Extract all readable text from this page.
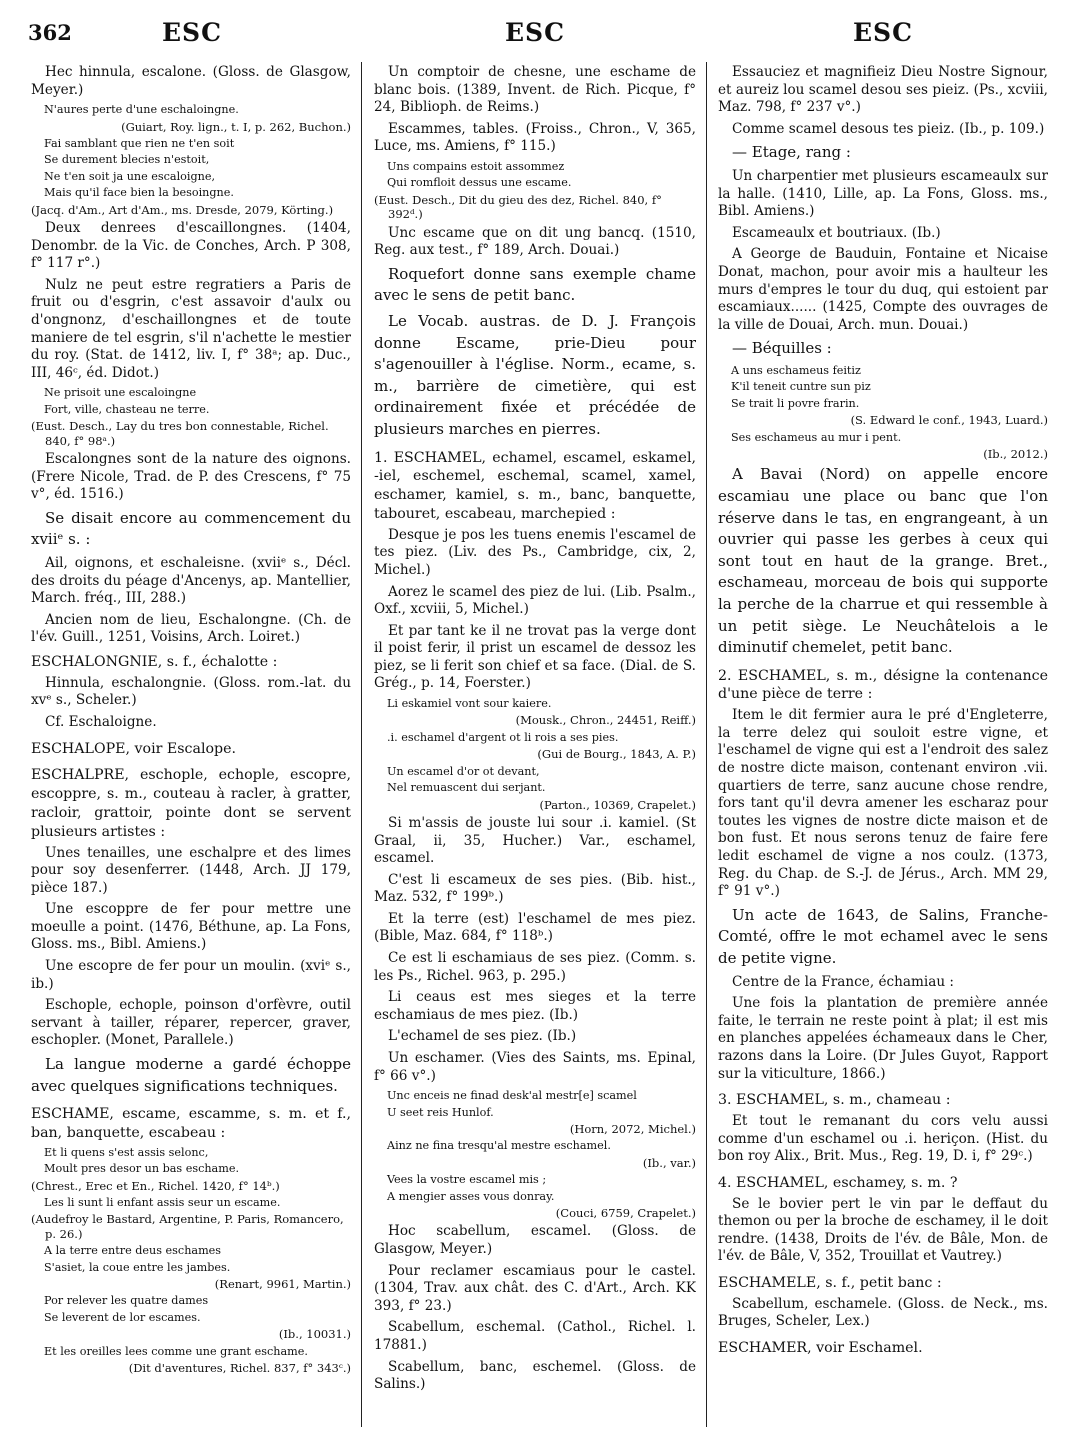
362	ESC	ESC	ESC

Hec hinnula, escalone. (Gloss. de Glasgow, Meyer.)

N'aures perte d'une eschaloingne.

(Guiart, Roy. lign., t. I, p. 262, Buchon.)

Fai samblant que rien ne t'en soit

Se durement blecies n'estoit,

Ne t'en soit ja une escaloigne,

Mais qu'il face bien la besoingne.

(Jacq. d'Am., Art d'Am., ms. Dresde, 2079, Körting.)

Deux denrees d'escaillongnes. (1404, Denombr. de la Vic. de Conches, Arch. P 308, f° 117 r°.)

Nulz ne peut estre regratiers a Paris de fruit ou d'esgrin, c'est assavoir d'aulx ou d'ongnonz, d'eschaillongnes et de toute maniere de tel esgrin, s'il n'achette le mestier du roy. (Stat. de 1412, liv. I, f° 38ᵃ; ap. Duc., III, 46ᶜ, éd. Didot.)

Ne prisoit une escaloingne

Fort, ville, chasteau ne terre.

(Eust. Desch., Lay du tres bon connestable, Richel. 840, f° 98ᵃ.)

Escalongnes sont de la nature des oignons. (Frere Nicole, Trad. de P. des Crescens, f° 75 v°, éd. 1516.)

Se disait encore au commencement du xviiᵉ s. :

Ail, oignons, et eschaleisne. (xviiᵉ s., Décl. des droits du péage d'Ancenys, ap. Mantellier, March. fréq., III, 288.)

Ancien nom de lieu, Eschalongne. (Ch. de l'év. Guill., 1251, Voisins, Arch. Loiret.)

ESCHALONGNIE, s. f., échalotte :

Hinnula, eschalongnie. (Gloss. rom.-lat. du xvᵉ s., Scheler.)

Cf. Eschaloigne.

ESCHALOPE, voir Escalope.

ESCHALPRE, eschople, echople, escopre, escoppre, s. m., couteau à racler, à gratter, racloir, grattoir, pointe dont se servent plusieurs artistes :

Unes tenailles, une eschalpre et des limes pour soy desenferrer. (1448, Arch. JJ 179, pièce 187.)

Une escoppre de fer pour mettre une moeulle a point. (1476, Béthune, ap. La Fons, Gloss. ms., Bibl. Amiens.)

Une escopre de fer pour un moulin. (xviᵉ s., ib.)

Eschople, echople, poinson d'orfèvre, outil servant à tailler, réparer, repercer, graver, eschopler. (Monet, Parallele.)

La langue moderne a gardé échoppe avec quelques significations techniques.

ESCHAME, escame, escamme, s. m. et f., ban, banquette, escabeau :

Et li quens s'est assis selonc,

Moult pres desor un bas eschame.

(Chrest., Erec et En., Richel. 1420, f° 14ᵇ.)

Les li sunt li enfant assis seur un escame.

(Audefroy le Bastard, Argentine, P. Paris, Romancero, p. 26.)

A la terre entre deus eschames

S'asiet, la coue entre les jambes.

(Renart, 9961, Martin.)

Por relever les quatre dames

Se leverent de lor escames.

(Ib., 10031.)

Et les oreilles lees comme une grant eschame.

(Dit d'aventures, Richel. 837, f° 343ᶜ.)

Un comptoir de chesne, une eschame de blanc bois. (1389, Invent. de Rich. Picque, f° 24, Biblioph. de Reims.)

Escammes, tables. (Froiss., Chron., V, 365, Luce, ms. Amiens, f° 115.)

Uns compains estoit assommez

Qui romfloit dessus une escame.

(Eust. Desch., Dit du gieu des dez, Richel. 840, f° 392ᵈ.)

Unc escame que on dit ung bancq. (1510, Reg. aux test., f° 189, Arch. Douai.)

Roquefort donne sans exemple chame avec le sens de petit banc.

Le Vocab. austras. de D. J. François donne Escame, prie-Dieu pour s'agenouiller à l'église. Norm., ecame, s. m., barrière de cimetière, qui est ordinairement fixée et précédée de plusieurs marches en pierres.

1. ESCHAMEL, echamel, escamel, eskamel, -iel, eschemel, eschemal, scamel, xamel, eschamer, kamiel, s. m., banc, banquette, tabouret, escabeau, marchepied :

Desque je pos les tuens enemis l'escamel de tes piez. (Liv. des Ps., Cambridge, cix, 2, Michel.)

Aorez le scamel des piez de lui. (Lib. Psalm., Oxf., xcviii, 5, Michel.)

Et par tant ke il ne trovat pas la verge dont il poist ferir, il prist un escamel de dessoz les piez, se li ferit son chief et sa face. (Dial. de S. Grég., p. 14, Foerster.)

Li eskamiel vont sour kaiere.

(Mousk., Chron., 24451, Reiff.)

.i. eschamel d'argent ot li rois a ses pies.

(Gui de Bourg., 1843, A. P.)

Un escamel d'or ot devant,

Nel remuascent dui serjant.

(Parton., 10369, Crapelet.)

Si m'assis de jouste lui sour .i. kamiel. (St Graal, ii, 35, Hucher.) Var., eschamel, escamel.

C'est li escameux de ses pies. (Bib. hist., Maz. 532, f° 199ᵇ.)

Et la terre (est) l'eschamel de mes piez. (Bible, Maz. 684, f° 118ᵇ.)

Ce est li eschamiaus de ses piez. (Comm. s. les Ps., Richel. 963, p. 295.)

Li ceaus est mes sieges et la terre eschamiaus de mes piez. (Ib.)

L'echamel de ses piez. (Ib.)

Un eschamer. (Vies des Saints, ms. Epinal, f° 66 v°.)

Unc enceis ne finad desk'al mestr[e] scamel

U seet reis Hunlof.

(Horn, 2072, Michel.)

Ainz ne fina tresqu'al mestre eschamel.

(Ib., var.)

Vees la vostre escamel mis ;

A mengier asses vous donray.

(Couci, 6759, Crapelet.)

Hoc scabellum, escamel. (Gloss. de Glasgow, Meyer.)

Pour reclamer escamiaus pour le castel. (1304, Trav. aux chât. des C. d'Art., Arch. KK 393, f° 23.)

Scabellum, eschemal. (Cathol., Richel. l. 17881.)

Scabellum, banc, eschemel. (Gloss. de Salins.)

Essauciez et magnifieiz Dieu Nostre Signour, et aureiz lou scamel desou ses pieiz. (Ps., xcviii, Maz. 798, f° 237 v°.)

Comme scamel desous tes pieiz. (Ib., p. 109.)

— Etage, rang :

Un charpentier met plusieurs escameaulx sur la halle. (1410, Lille, ap. La Fons, Gloss. ms., Bibl. Amiens.)

Escameaulx et boutriaux. (Ib.)

A George de Bauduin, Fontaine et Nicaise Donat, machon, pour avoir mis a haulteur les murs d'empres le tour du duq, qui estoient par escamiaux...... (1425, Compte des ouvrages de la ville de Douai, Arch. mun. Douai.)

— Béquilles :

A uns eschameus feitiz

K'il teneit cuntre sun piz

Se trait li povre frarin.

(S. Edward le conf., 1943, Luard.)

Ses eschameus au mur i pent.

(Ib., 2012.)

A Bavai (Nord) on appelle encore escamiau une place ou banc que l'on réserve dans le tas, en engrangeant, à un ouvrier qui passe les gerbes à ceux qui sont tout en haut de la grange. Bret., eschameau, morceau de bois qui supporte la perche de la charrue et qui ressemble à un petit siège. Le Neuchâtelois a le diminutif chemelet, petit banc.

2. ESCHAMEL, s. m., désigne la contenance d'une pièce de terre :

Item le dit fermier aura le pré d'Engleterre, la terre delez qui souloit estre vigne, et l'eschamel de vigne qui est a l'endroit des salez de nostre dicte maison, contenant environ .vii. quartiers de terre, sanz aucune chose rendre, fors tant qu'il devra amener les escharaz pour toutes les vignes de nostre dicte maison et de bon fust. Et nous serons tenuz de faire fere ledit eschamel de vigne a nos coulz. (1373, Reg. du Chap. de S.-J. de Jérus., Arch. MM 29, f° 91 v°.)

Un acte de 1643, de Salins, Franche-Comté, offre le mot echamel avec le sens de petite vigne.

Centre de la France, échamiau :

Une fois la plantation de première année faite, le terrain ne reste point à plat; il est mis en planches appelées échameaux dans le Cher, razons dans la Loire. (Dr Jules Guyot, Rapport sur la viticulture, 1866.)

3. ESCHAMEL, s. m., chameau :

Et tout le remanant du cors velu aussi comme d'un eschamel ou .i. heriçon. (Hist. du bon roy Alix., Brit. Mus., Reg. 19, D. i, f° 29ᶜ.)

4. ESCHAMEL, eschamey, s. m. ?

Se le bovier pert le vin par le deffaut du themon ou per la broche de eschamey, il le doit rendre. (1438, Droits de l'év. de Bâle, Mon. de l'év. de Bâle, V, 352, Trouillat et Vautrey.)

ESCHAMELE, s. f., petit banc :

Scabellum, eschamele. (Gloss. de Neck., ms. Bruges, Scheler, Lex.)

ESCHAMER, voir Eschamel.
